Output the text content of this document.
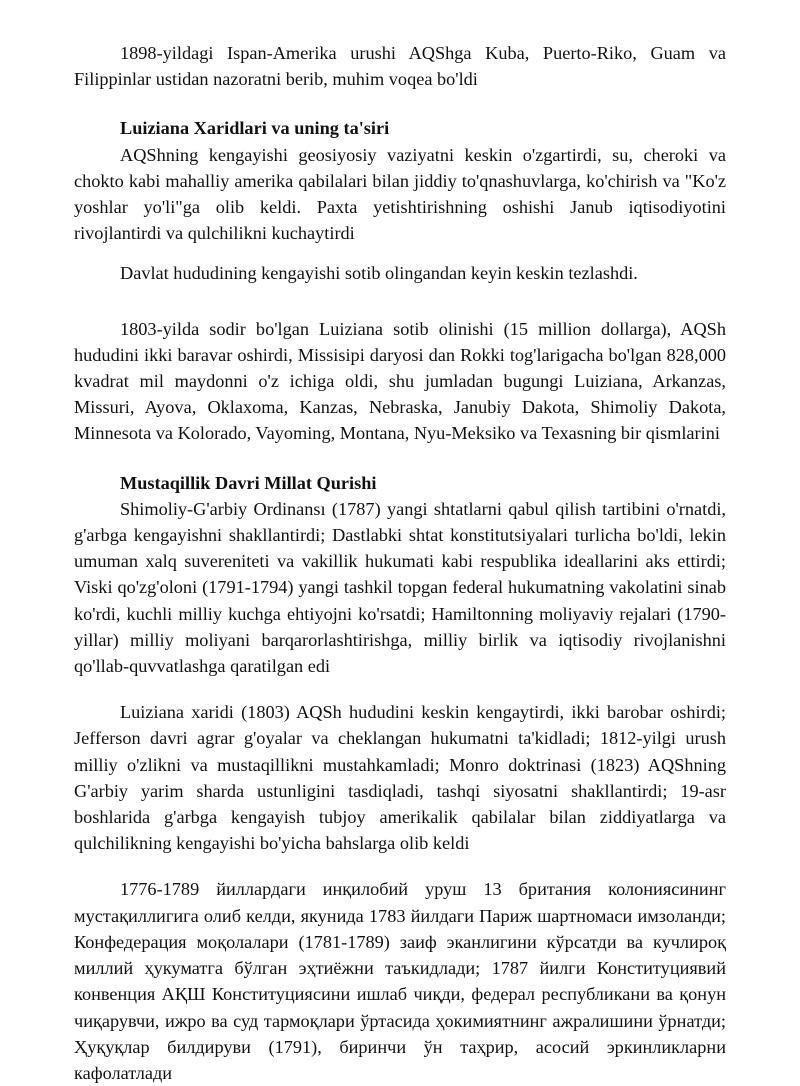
1898-yildagi Ispan-Amerika urushi AQShga Kuba, Puerto-Riko, Guam va Filippinlar ustidan nazoratni berib, muhim voqea bo'ldi

Luiziana Xaridlari va uning ta'siri

AQShning kengayishi geosiyosiy vaziyatni keskin o'zgartirdi, su, cheroki va chokto kabi mahalliy amerika qabilalari bilan jiddiy to'qnashuvlarga, ko'chirish va "Ko'z yoshlar yo'li"ga olib keldi. Paxta yetishtirishning oshishi Janub iqtisodiyotini rivojlantirdi va qulchilikni kuchaytirdi

Davlat hududining kengayishi sotib olingandan keyin keskin tezlashdi.

1803-yilda sodir bo'lgan Luiziana sotib olinishi (15 million dollarga), AQSh hududini ikki baravar oshirdi, Missisipi daryosi dan Rokki tog'larigacha bo'lgan 828,000 kvadrat mil maydonni o'z ichiga oldi, shu jumladan bugungi Luiziana, Arkanzas, Missuri, Ayova, Oklaxoma, Kanzas, Nebraska, Janubiy Dakota, Shimoliy Dakota, Minnesota va Kolorado, Vayoming, Montana, Nyu-Meksiko va Texasning bir qismlarini

Mustaqillik Davri Millat Qurishi

Shimoliy-G'arbiy Ordinansı (1787) yangi shtatlarni qabul qilish tartibini o'rnatdi, g'arbga kengayishni shakllantirdi; Dastlabki shtat konstitutsiyalari turlicha bo'ldi, lekin umuman xalq suvereniteti va vakillik hukumati kabi respublika ideallarini aks ettirdi; Viski qo'zg'oloni (1791-1794) yangi tashkil topgan federal hukumatning vakolatini sinab ko'rdi, kuchli milliy kuchga ehtiyojni ko'rsatdi; Hamiltonning moliyaviy rejalari (1790-yillar) milliy moliyani barqarorlashtirishga, milliy birlik va iqtisodiy rivojlanishni qo'llab-quvvatlashga qaratilgan edi

Luiziana xaridi (1803) AQSh hududini keskin kengaytirdi, ikki barobar oshirdi; Jefferson davri agrar g'oyalar va cheklangan hukumatni ta'kidladi; 1812-yilgi urush milliy o'zlikni va mustaqillikni mustahkamladi; Monro doktrinasi (1823) AQShning G'arbiy yarim sharda ustunligini tasdiqladi, tashqi siyosatni shakllantirdi; 19-asr boshlarida g'arbga kengayish tubjoy amerikalik qabilalar bilan ziddiyatlarga va qulchilikning kengayishi bo'yicha bahslarga olib keldi

1776-1789 йиллардаги инқилобий уруш 13 британия колониясининг мустақиллигига олиб келди, якунида 1783 йилдаги Париж шартномаси имзоланди; Конфедерация моқолалари (1781-1789) заиф эканлигини кўрсатди ва кучлироқ миллий ҳукуматга бўлган эҳтиёжни таъкидлади; 1787 йилги Конституциявий конвенция АҚШ Конституциясини ишлаб чиқди, федерал республикани ва қонун чиқарувчи, ижро ва суд тармоқлари ўртасида ҳокимиятнинг ажралишини ўрнатди; Ҳуқуқлар билдируви (1791), биринчи ўн таҳрир, асосий эркинликларни кафолатлади
